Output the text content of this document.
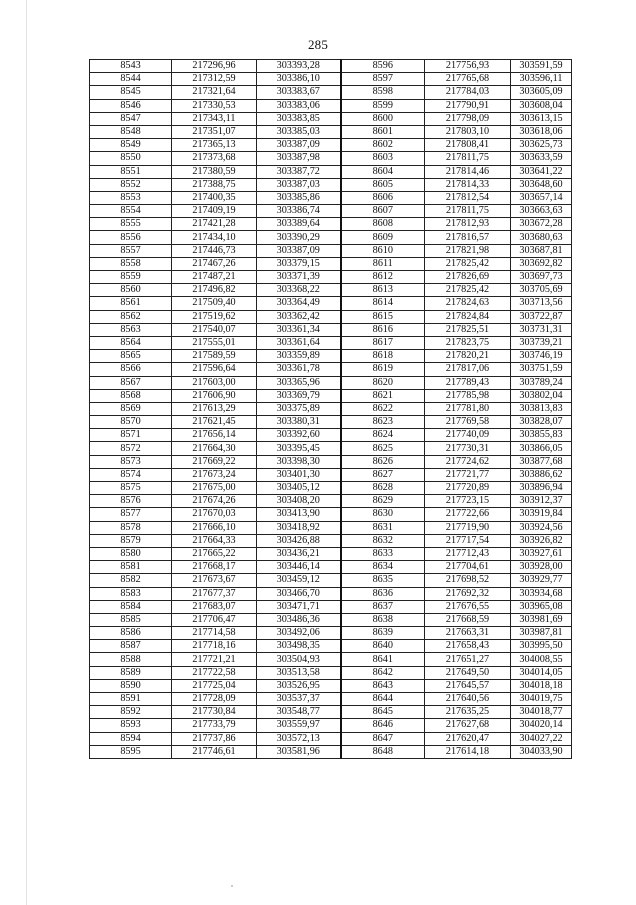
285
8543	217296,96	303393,28	8596	217756,93	303591,59
8544	217312,59	303386,10	8597	217765,68	303596,11
8545	217321,64	303383,67	8598	217784,03	303605,09
8546	217330,53	303383,06	8599	217790,91	303608,04
8547	217343,11	303383,85	8600	217798,09	303613,15
8548	217351,07	303385,03	8601	217803,10	303618,06
8549	217365,13	303387,09	8602	217808,41	303625,73
8550	217373,68	303387,98	8603	217811,75	303633,59
8551	217380,59	303387,72	8604	217814,46	303641,22
8552	217388,75	303387,03	8605	217814,33	303648,60
8553	217400,35	303385,86	8606	217812,54	303657,14
8554	217409,19	303386,74	8607	217811,75	303663,63
8555	217421,28	303389,64	8608	217812,93	303672,28
8556	217434,10	303390,29	8609	217816,57	303680,63
8557	217446,73	303387,09	8610	217821,98	303687,81
8558	217467,26	303379,15	8611	217825,42	303692,82
8559	217487,21	303371,39	8612	217826,69	303697,73
8560	217496,82	303368,22	8613	217825,42	303705,69
8561	217509,40	303364,49	8614	217824,63	303713,56
8562	217519,62	303362,42	8615	217824,84	303722,87
8563	217540,07	303361,34	8616	217825,51	303731,31
8564	217555,01	303361,64	8617	217823,75	303739,21
8565	217589,59	303359,89	8618	217820,21	303746,19
8566	217596,64	303361,78	8619	217817,06	303751,59
8567	217603,00	303365,96	8620	217789,43	303789,24
8568	217606,90	303369,79	8621	217785,98	303802,04
8569	217613,29	303375,89	8622	217781,80	303813,83
8570	217621,45	303380,31	8623	217769,58	303828,07
8571	217656,14	303392,60	8624	217740,09	303855,83
8572	217664,30	303395,45	8625	217730,31	303866,05
8573	217669,22	303398,30	8626	217724,62	303877,68
8574	217673,24	303401,30	8627	217721,77	303886,62
8575	217675,00	303405,12	8628	217720,89	303896,94
8576	217674,26	303408,20	8629	217723,15	303912,37
8577	217670,03	303413,90	8630	217722,66	303919,84
8578	217666,10	303418,92	8631	217719,90	303924,56
8579	217664,33	303426,88	8632	217717,54	303926,82
8580	217665,22	303436,21	8633	217712,43	303927,61
8581	217668,17	303446,14	8634	217704,61	303928,00
8582	217673,67	303459,12	8635	217698,52	303929,77
8583	217677,37	303466,70	8636	217692,32	303934,68
8584	217683,07	303471,71	8637	217676,55	303965,08
8585	217706,47	303486,36	8638	217668,59	303981,69
8586	217714,58	303492,06	8639	217663,31	303987,81
8587	217718,16	303498,35	8640	217658,43	303995,50
8588	217721,21	303504,93	8641	217651,27	304008,55
8589	217722,58	303513,58	8642	217649,50	304014,05
8590	217725,04	303526,95	8643	217645,57	304018,18
8591	217728,09	303537,37	8644	217640,56	304019,75
8592	217730,84	303548,77	8645	217635,25	304018,77
8593	217733,79	303559,97	8646	217627,68	304020,14
8594	217737,86	303572,13	8647	217620,47	304027,22
8595	217746,61	303581,96	8648	217614,18	304033,90
